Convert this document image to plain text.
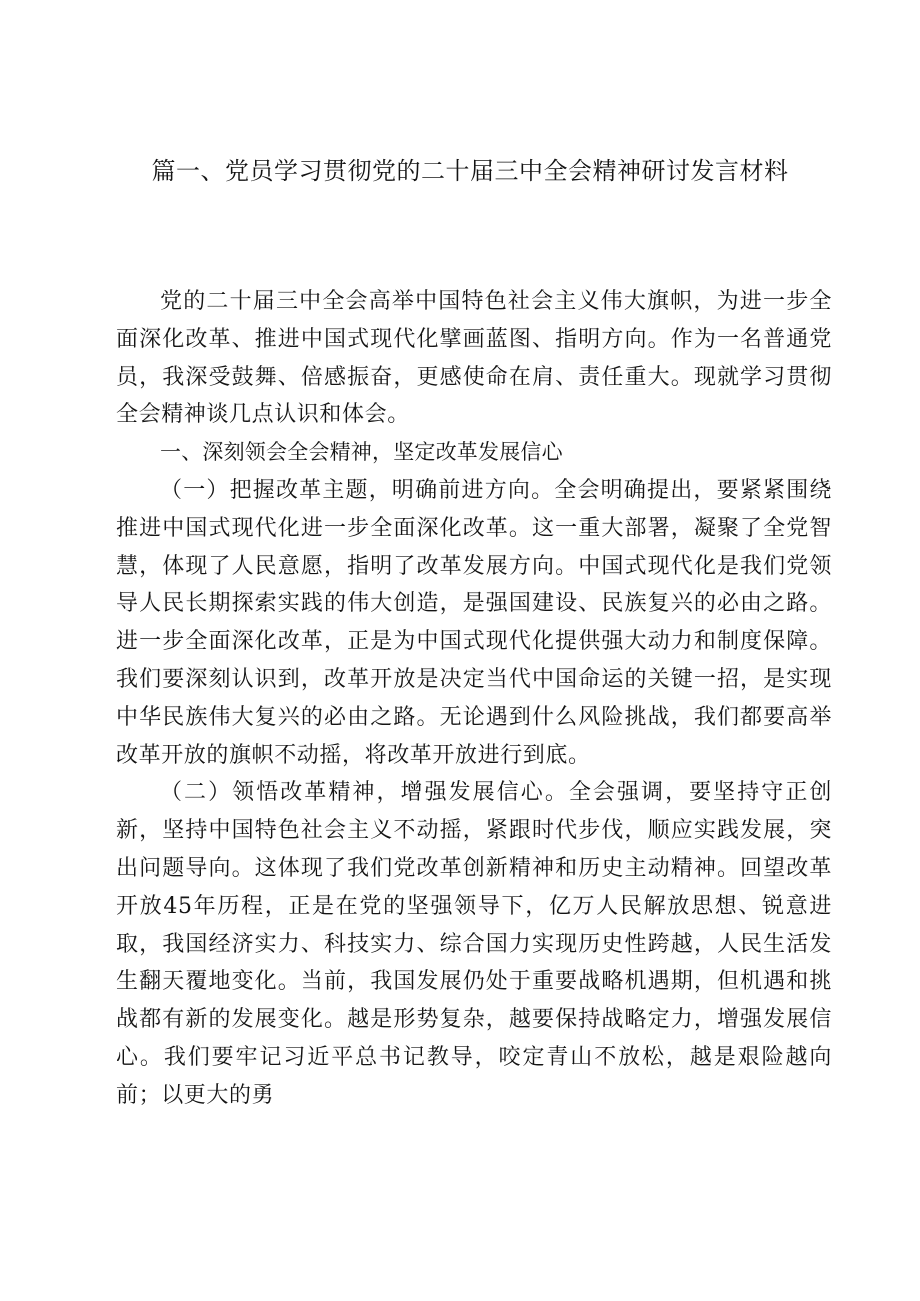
篇一、党员学习贯彻党的二十届三中全会精神研讨发言材料

党的二十届三中全会高举中国特色社会主义伟大旗帜，为进一步全面深化改革、推进中国式现代化擘画蓝图、指明方向。作为一名普通党员，我深受鼓舞、倍感振奋，更感使命在肩、责任重大。现就学习贯彻全会精神谈几点认识和体会。

一、深刻领会全会精神，坚定改革发展信心

（一）把握改革主题，明确前进方向。全会明确提出，要紧紧围绕推进中国式现代化进一步全面深化改革。这一重大部署，凝聚了全党智慧，体现了人民意愿，指明了改革发展方向。中国式现代化是我们党领导人民长期探索实践的伟大创造，是强国建设、民族复兴的必由之路。进一步全面深化改革，正是为中国式现代化提供强大动力和制度保障。我们要深刻认识到，改革开放是决定当代中国命运的关键一招，是实现中华民族伟大复兴的必由之路。无论遇到什么风险挑战，我们都要高举改革开放的旗帜不动摇，将改革开放进行到底。

（二）领悟改革精神，增强发展信心。全会强调，要坚持守正创新，坚持中国特色社会主义不动摇，紧跟时代步伐，顺应实践发展，突出问题导向。这体现了我们党改革创新精神和历史主动精神。回望改革开放45年历程，正是在党的坚强领导下，亿万人民解放思想、锐意进取，我国经济实力、科技实力、综合国力实现历史性跨越，人民生活发生翻天覆地变化。当前，我国发展仍处于重要战略机遇期，但机遇和挑战都有新的发展变化。越是形势复杂，越要保持战略定力，增强发展信心。我们要牢记习近平总书记教导，咬定青山不放松，越是艰险越向前；以更大的勇
